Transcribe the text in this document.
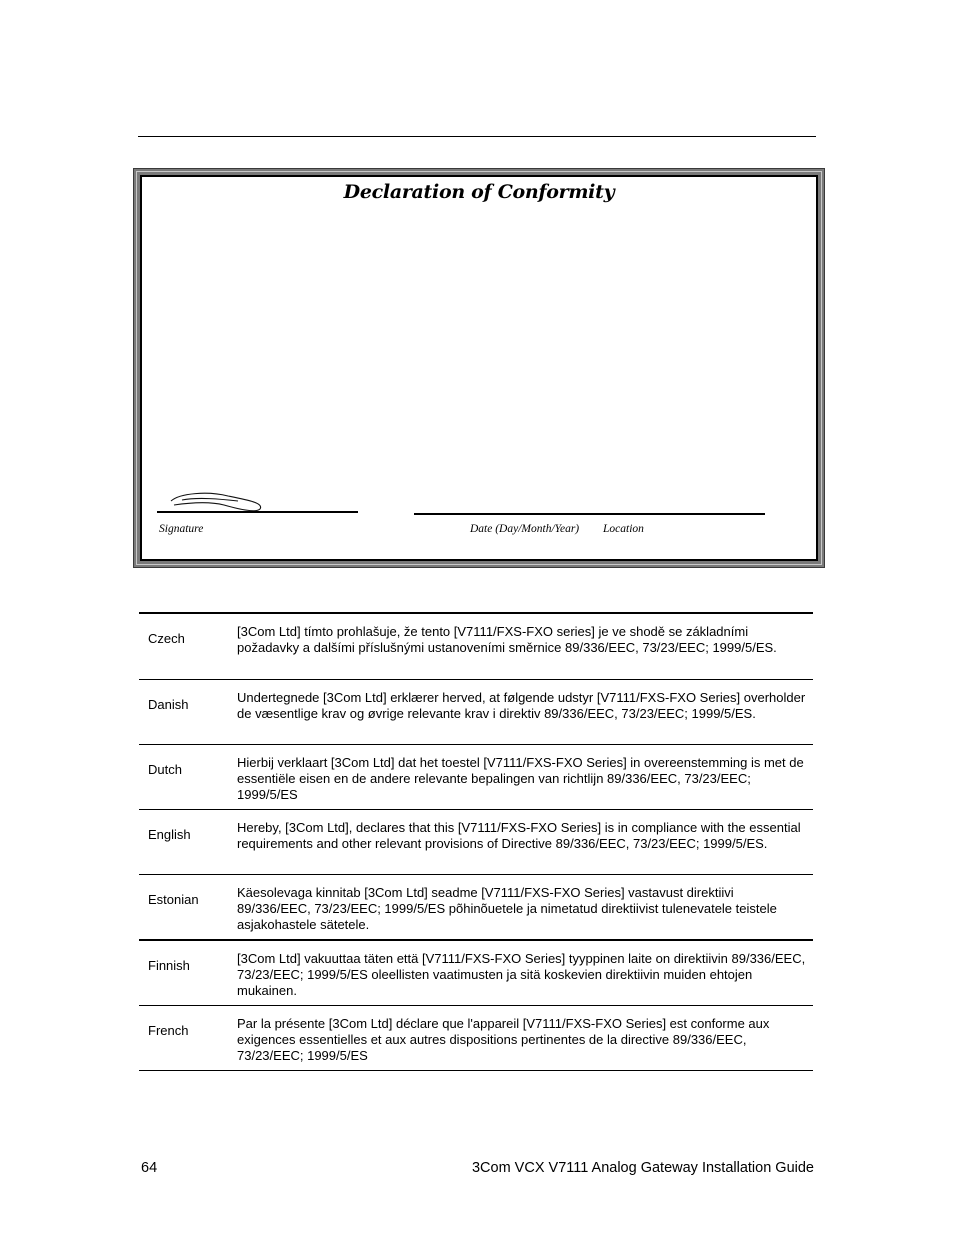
Declaration of Conformity
Signature	Date (Day/Month/Year) Location
Czech	[3Com Ltd] tímto prohlašuje, že tento [V7111/FXS-FXO series] je ve shodě se základními požadavky a dalšími příslušnými ustanoveními směrnice 89/336/EEC, 73/23/EEC; 1999/5/ES.
Danish	Undertegnede [3Com Ltd] erklærer herved, at følgende udstyr [V7111/FXS-FXO Series] overholder de væsentlige krav og øvrige relevante krav i direktiv 89/336/EEC, 73/23/EEC; 1999/5/ES.
Dutch	Hierbij verklaart [3Com Ltd] dat het toestel [V7111/FXS-FXO Series] in overeenstemming is met de essentiële eisen en de andere relevante bepalingen van richtlijn 89/336/EEC, 73/23/EEC; 1999/5/ES
English	Hereby, [3Com Ltd], declares that this [V7111/FXS-FXO Series] is in compliance with the essential requirements and other relevant provisions of Directive 89/336/EEC, 73/23/EEC; 1999/5/ES.
Estonian	Käesolevaga kinnitab [3Com Ltd] seadme [V7111/FXS-FXO Series] vastavust direktiivi 89/336/EEC, 73/23/EEC; 1999/5/ES põhinõuetele ja nimetatud direktiivist tulenevatele teistele asjakohastele sätetele.
Finnish	[3Com Ltd] vakuuttaa täten että [V7111/FXS-FXO Series] tyyppinen laite on direktiivin 89/336/EEC, 73/23/EEC; 1999/5/ES oleellisten vaatimusten ja sitä koskevien direktiivin muiden ehtojen mukainen.
French	Par la présente [3Com Ltd] déclare que l'appareil [V7111/FXS-FXO Series] est conforme aux exigences essentielles et aux autres dispositions pertinentes de la directive 89/336/EEC, 73/23/EEC; 1999/5/ES
64	3Com VCX V7111 Analog Gateway Installation Guide
